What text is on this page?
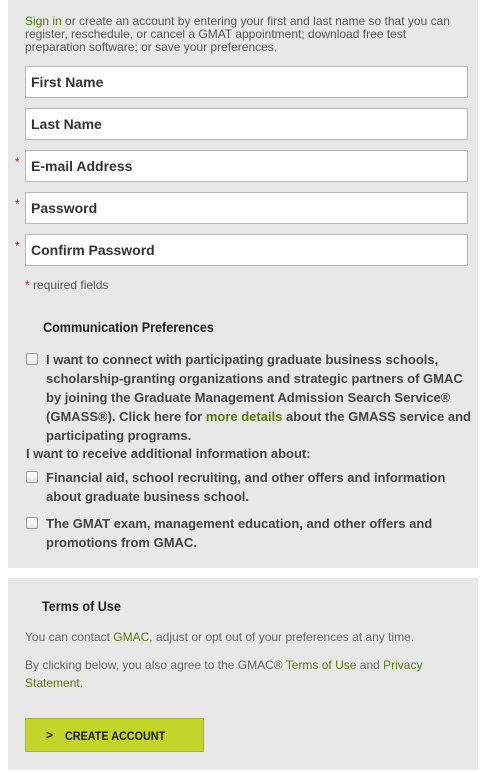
Sign in or create an account by entering your first and last name so that you can register, reschedule, or cancel a GMAT appointment; download free test preparation software; or save your preferences.
First Name
Last Name
*
E-mail Address
*
*
* required fields
Communication Preferences
I want to connect with participating graduate business schools, scholarship-granting organizations and strategic partners of GMAC by joining the Graduate Management Admission Search Service® (GMASS®). Click here for more details about the GMASS service and participating programs.
I want to receive additional information about:
Financial aid, school recruiting, and other offers and information about graduate business school.
The GMAT exam, management education, and other offers and promotions from GMAC.
Terms of Use
You can contact GMAC, adjust or opt out of your preferences at any time.
By clicking below, you also agree to the GMAC® Terms of Use and Privacy Statement.
> CREATE ACCOUNT
